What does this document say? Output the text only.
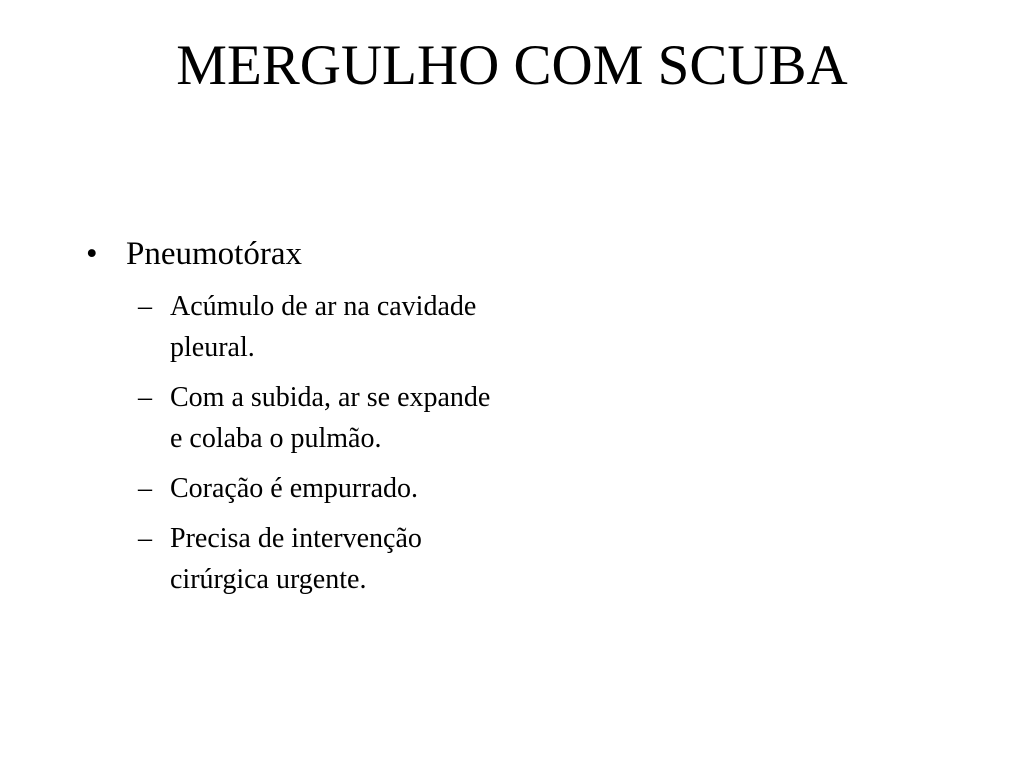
MERGULHO COM SCUBA
• Pneumotórax
– Acúmulo de ar na cavidade pleural.
– Com a subida, ar se expande e colaba o pulmão.
– Coração é empurrado.
– Precisa de intervenção cirúrgica urgente.
